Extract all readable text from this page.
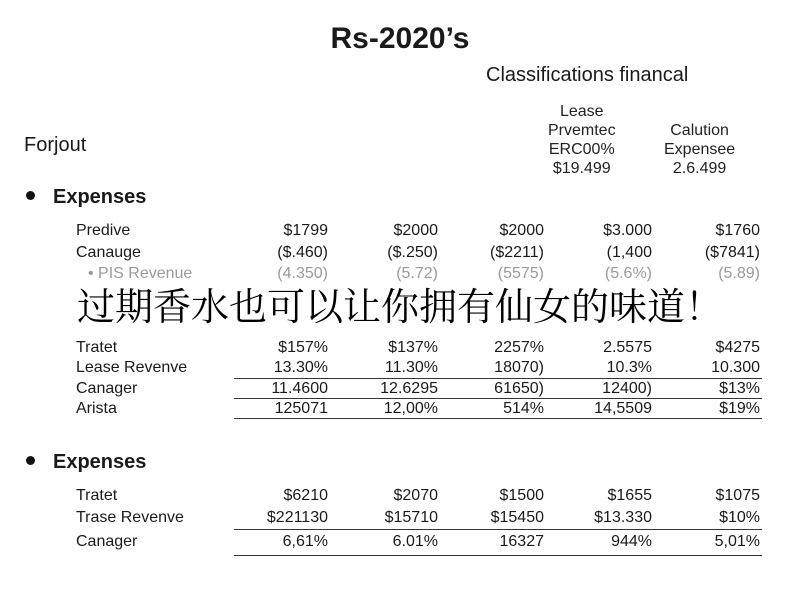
Rs-2020’s
Classifications financal
Lease
Prvemtec
ERC00%
$19.499
Calution
Expensee
2.6.499
Forjout
Expenses
Predive	$1799	$2000	$2000	$3.000	$1760
Canauge	($.460)	($.250)	($2211)	(1,400	($7841)
• PIS Revenue	(4.350)	(5.72)	(5575)	(5.6%)	(5.89)
Tratet	$157%	$137%	2257%	2.5575	$4275
Lease Revenve	13.30%	11.30%	18070)	10.3%	10.300
Canager	11.4600	12.6295	61650)	12400)	$13%
Arista	125071	12,00%	514%	14,5509	$19%
Expenses
Tratet	$6210	$2070	$1500	$1655	$1075
Trase Revenve	$221130	$15710	$15450	$13.330	$10%
Canager	6,61%	6.01%	16327	944%	5,01%
过期香水也可以让你拥有仙女的味道！
